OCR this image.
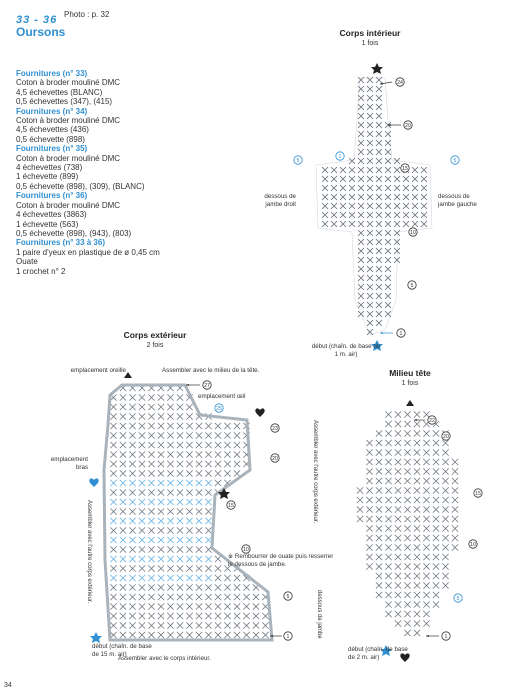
33 - 36 Photo : p. 32
Oursons
Fournitures (n° 33)
Coton à broder mouliné DMC
4,5 échevettes (BLANC)
0,5 échevettes (347), (415)
Fournitures (n° 34)
Coton à broder mouliné DMC
4,5 échevettes (436)
0,5 échevette (898)
Fournitures (n° 35)
Coton à broder mouliné DMC
4 échevettes (738)
1 échevette (899)
0,5 échevette (898), (309), (BLANC)
Fournitures (n° 36)
Coton à broder mouliné DMC
4 échevettes (3863)
1 échevette (563)
0,5 échevette (898), (943), (803)
Fournitures (n° 33 à 36)
1 paire d'yeux en plastique de ø 0,45 cm
Ouate
1 crochet n° 2
24
20
15
10
5
1
5
1
5
27
25
23
20
15
10
5
1
22
20
15
10
5
1
Corps intérieur
1 fois
dessous de jambe droit
dessous de jambe gauche
début (chaîn. de base de 1 m. air)
Corps extérieur
2 fois
emplacement oreille	Assembler avec le milieu de la tête.
emplacement œil
emplacement bras
Assembler avec l'autre corps extérieur.
Assembler avec l'autre corps extérieur.
※ Rembourrer de ouate puis resserrer le dessous de jambe.
dessous de jambe
Assembler avec le corps intérieur.
début (chaîn. de base de 15 m. air)
Milieu tête
1 fois
début (chaîn. de base de 2 m. air)
34
